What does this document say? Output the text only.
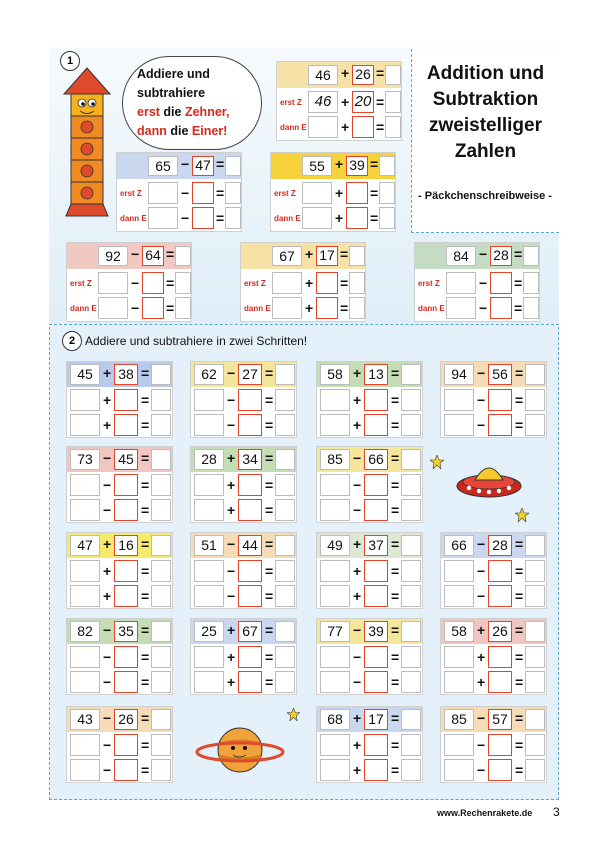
Addition und
Subtraktion
zweistelliger
Zahlen
- Päckchenschreibweise -
1
Addiere und
subtrahiere
erst die Zehner,
dann die Einer!
2 Addiere und subtrahiere in zwei Schritten!
www.Rechenrakete.de 3
46 + 26 =
erst Z 46 + 20 =
dann E + =
65 − 47 =
erst Z	− =
dann E − =
55 + 39 =
erst Z	+ =
dann E + =
92 − 64 =
erst Z	− =
dann E − =
67 + 17 =
erst Z	+ =
dann E + =
84 − 28 =
erst Z	− =
dann E − =
45 + 38 =
+ =
+ =
62 − 27 =
− =
− =
58 + 13 =
+ =
+ =
94 − 56 =
− =
− =
73 − 45 =
− =
− =
28 + 34 =
+ =
+ =
85 − 66 =
− =
− =
47 + 16 =
+ =
+ =
51 − 44 =
− =
− =
49 + 37 =
+ =
+ =
66 − 28 =
− =
− =
82 − 35 =
− =
− =
25 + 67 =
+ =
+ =
77 − 39 =
− =
− =
58 + 26 =
+ =
+ =
43 − 26 =
− =
− =
68 + 17 =
+ =
+ =
85 − 57 =
− =
− =
